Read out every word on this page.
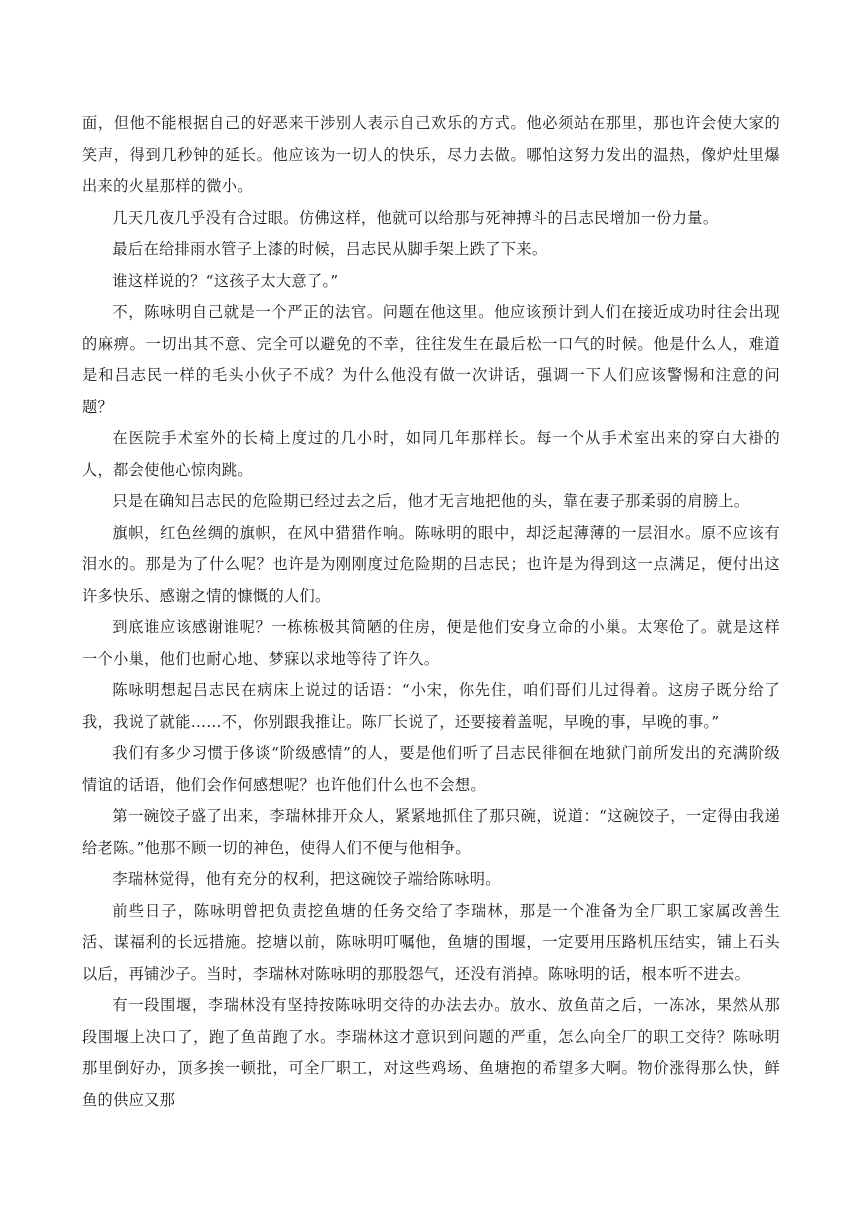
面，但他不能根据自己的好恶来干涉别人表示自己欢乐的方式。他必须站在那里，那也许会使大家的笑声，得到几秒钟的延长。他应该为一切人的快乐，尽力去做。哪怕这努力发出的温热，像炉灶里爆出来的火星那样的微小。

几天几夜几乎没有合过眼。仿佛这样，他就可以给那与死神搏斗的吕志民增加一份力量。

最后在给排雨水管子上漆的时候，吕志民从脚手架上跌了下来。

谁这样说的？“这孩子太大意了。”

不，陈咏明自己就是一个严正的法官。问题在他这里。他应该预计到人们在接近成功时往会出现的麻痹。一切出其不意、完全可以避免的不幸，往往发生在最后松一口气的时候。他是什么人，难道是和吕志民一样的毛头小伙子不成？为什么他没有做一次讲话，强调一下人们应该警惕和注意的问题？

在医院手术室外的长椅上度过的几小时，如同几年那样长。每一个从手术室出来的穿白大褂的人，都会使他心惊肉跳。

只是在确知吕志民的危险期已经过去之后，他才无言地把他的头，靠在妻子那柔弱的肩膀上。

旗帜，红色丝绸的旗帜，在风中猎猎作响。陈咏明的眼中，却泛起薄薄的一层泪水。原不应该有泪水的。那是为了什么呢？也许是为刚刚度过危险期的吕志民；也许是为得到这一点满足，便付出这许多快乐、感谢之情的慷慨的人们。

到底谁应该感谢谁呢？一栋栋极其简陋的住房，便是他们安身立命的小巢。太寒伧了。就是这样一个小巢，他们也耐心地、梦寐以求地等待了许久。

陈咏明想起吕志民在病床上说过的话语：“小宋，你先住，咱们哥们儿过得着。这房子既分给了我，我说了就能……不，你别跟我推让。陈厂长说了，还要接着盖呢，早晚的事，早晚的事。”

我们有多少习惯于侈谈“阶级感情”的人，要是他们听了吕志民徘徊在地狱门前所发出的充满阶级情谊的话语，他们会作何感想呢？也许他们什么也不会想。

第一碗饺子盛了出来，李瑞林排开众人，紧紧地抓住了那只碗，说道：“这碗饺子，一定得由我递给老陈。”他那不顾一切的神色，使得人们不便与他相争。

李瑞林觉得，他有充分的权利，把这碗饺子端给陈咏明。

前些日子，陈咏明曾把负责挖鱼塘的任务交给了李瑞林，那是一个准备为全厂职工家属改善生活、谋福利的长远措施。挖塘以前，陈咏明叮嘱他，鱼塘的围堰，一定要用压路机压结实，铺上石头以后，再铺沙子。当时，李瑞林对陈咏明的那股怨气，还没有消掉。陈咏明的话，根本听不进去。

有一段围堰，李瑞林没有坚持按陈咏明交待的办法去办。放水、放鱼苗之后，一冻冰，果然从那段围堰上决口了，跑了鱼苗跑了水。李瑞林这才意识到问题的严重，怎么向全厂的职工交待？陈咏明那里倒好办，顶多挨一顿批，可全厂职工，对这些鸡场、鱼塘抱的希望多大啊。物价涨得那么快，鲜鱼的供应又那
